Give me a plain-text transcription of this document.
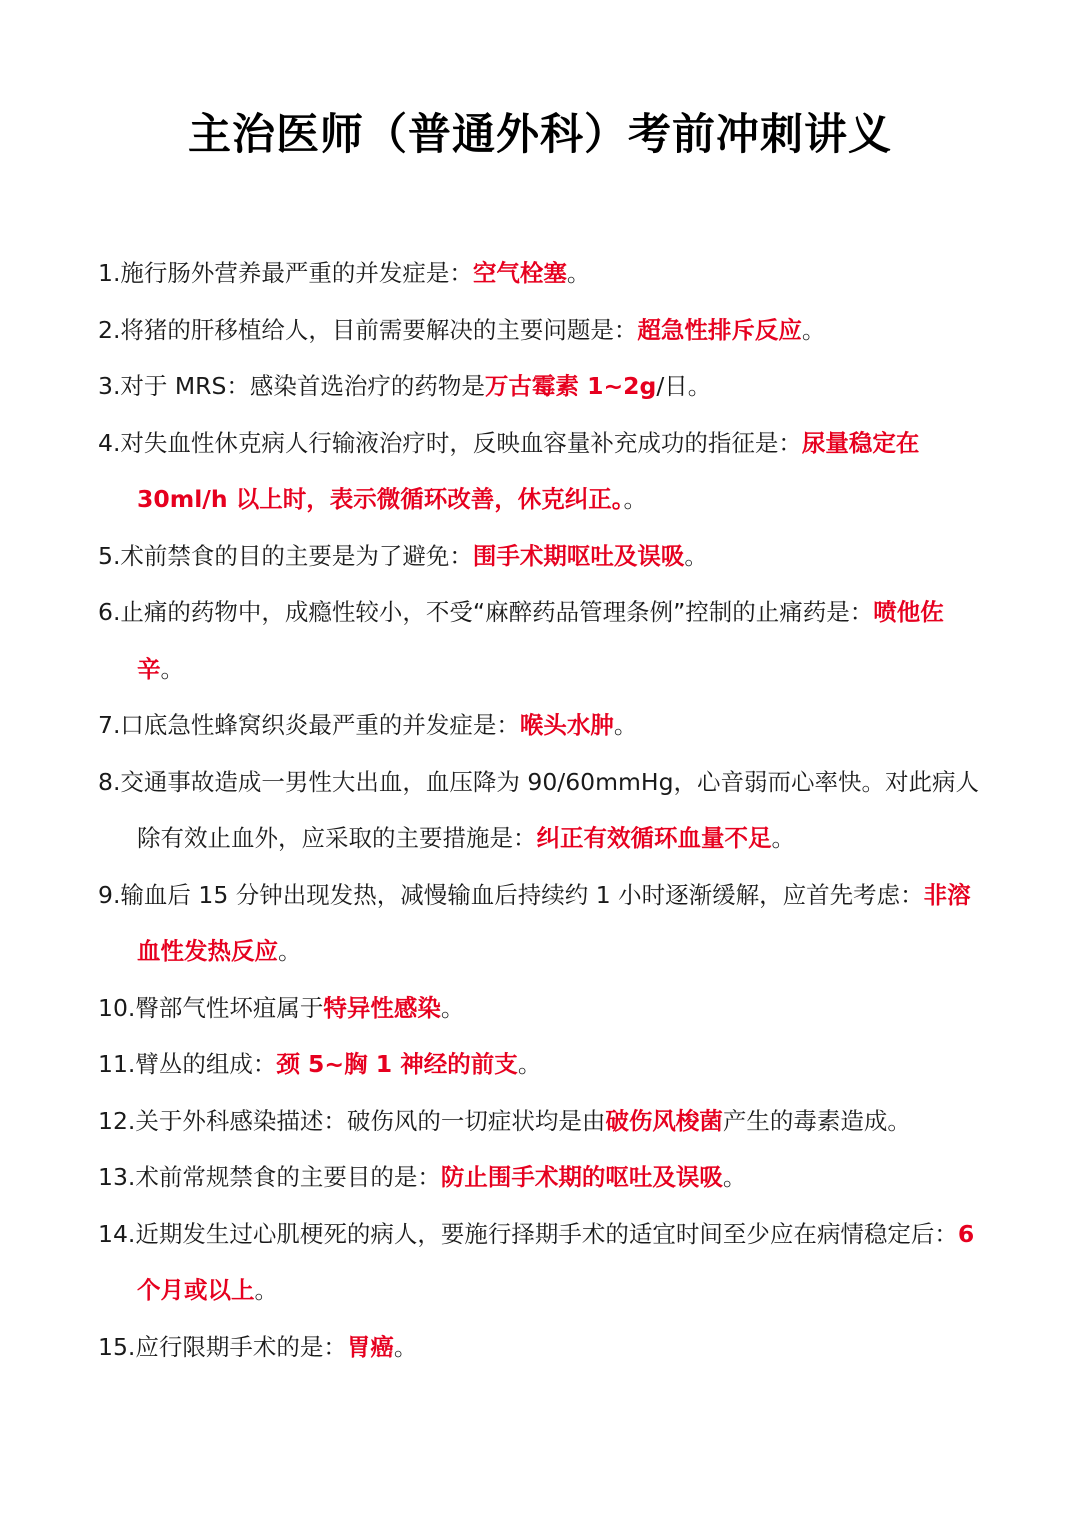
主治医师（普通外科）考前冲刺讲义
1.施行肠外营养最严重的并发症是：空气栓塞。
2.将猪的肝移植给人，目前需要解决的主要问题是：超急性排斥反应。
3.对于 MRS：感染首选治疗的药物是万古霉素 1~2g/日。
4.对失血性休克病人行输液治疗时，反映血容量补充成功的指征是：尿量稳定在 30ml/h 以上时，表示微循环改善，休克纠正。。
5.术前禁食的目的主要是为了避免：围手术期呕吐及误吸。
6.止痛的药物中，成瘾性较小，不受“麻醉药品管理条例”控制的止痛药是：喷他佐辛。
7.口底急性蜂窝织炎最严重的并发症是：喉头水肿。
8.交通事故造成一男性大出血，血压降为 90/60mmHg，心音弱而心率快。对此病人除有效止血外，应采取的主要措施是：纠正有效循环血量不足。
9.输血后 15 分钟出现发热，减慢输血后持续约 1 小时逐渐缓解，应首先考虑：非溶血性发热反应。
10.臀部气性坏疽属于特异性感染。
11.臂丛的组成：颈 5~胸 1 神经的前支。
12.关于外科感染描述：破伤风的一切症状均是由破伤风梭菌产生的毒素造成。
13.术前常规禁食的主要目的是：防止围手术期的呕吐及误吸。
14.近期发生过心肌梗死的病人，要施行择期手术的适宜时间至少应在病情稳定后：6 个月或以上。
15.应行限期手术的是：胃癌。
